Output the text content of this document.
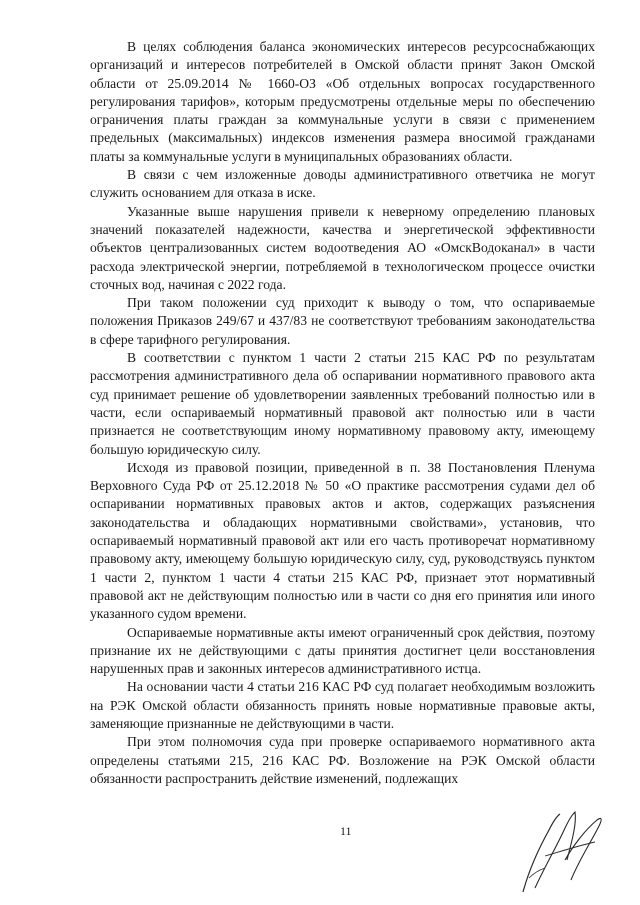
В целях соблюдения баланса экономических интересов ресурсоснабжающих организаций и интересов потребителей в Омской области принят Закон Омской области от 25.09.2014 № 1660-ОЗ «Об отдельных вопросах государственного регулирования тарифов», которым предусмотрены отдельные меры по обеспечению ограничения платы граждан за коммунальные услуги в связи с применением предельных (максимальных) индексов изменения размера вносимой гражданами платы за коммунальные услуги в муниципальных образованиях области.

В связи с чем изложенные доводы административного ответчика не могут служить основанием для отказа в иске.

Указанные выше нарушения привели к неверному определению плановых значений показателей надежности, качества и энергетической эффективности объектов централизованных систем водоотведения АО «ОмскВодоканал» в части расхода электрической энергии, потребляемой в технологическом процессе очистки сточных вод, начиная с 2022 года.

При таком положении суд приходит к выводу о том, что оспариваемые положения Приказов 249/67 и 437/83 не соответствуют требованиям законодательства в сфере тарифного регулирования.

В соответствии с пунктом 1 части 2 статьи 215 КАС РФ по результатам рассмотрения административного дела об оспаривании нормативного правового акта суд принимает решение об удовлетворении заявленных требований полностью или в части, если оспариваемый нормативный правовой акт полностью или в части признается не соответствующим иному нормативному правовому акту, имеющему большую юридическую силу.

Исходя из правовой позиции, приведенной в п. 38 Постановления Пленума Верховного Суда РФ от 25.12.2018 № 50 «О практике рассмотрения судами дел об оспаривании нормативных правовых актов и актов, содержащих разъяснения законодательства и обладающих нормативными свойствами», установив, что оспариваемый нормативный правовой акт или его часть противоречат нормативному правовому акту, имеющему большую юридическую силу, суд, руководствуясь пунктом 1 части 2, пунктом 1 части 4 статьи 215 КАС РФ, признает этот нормативный правовой акт не действующим полностью или в части со дня его принятия или иного указанного судом времени.

Оспариваемые нормативные акты имеют ограниченный срок действия, поэтому признание их не действующими с даты принятия достигнет цели восстановления нарушенных прав и законных интересов административного истца.

На основании части 4 статьи 216 КАС РФ суд полагает необходимым возложить на РЭК Омской области обязанность принять новые нормативные правовые акты, заменяющие признанные не действующими в части.

При этом полномочия суда при проверке оспариваемого нормативного акта определены статьями 215, 216 КАС РФ. Возложение на РЭК Омской области обязанности распространить действие изменений, подлежащих

11
